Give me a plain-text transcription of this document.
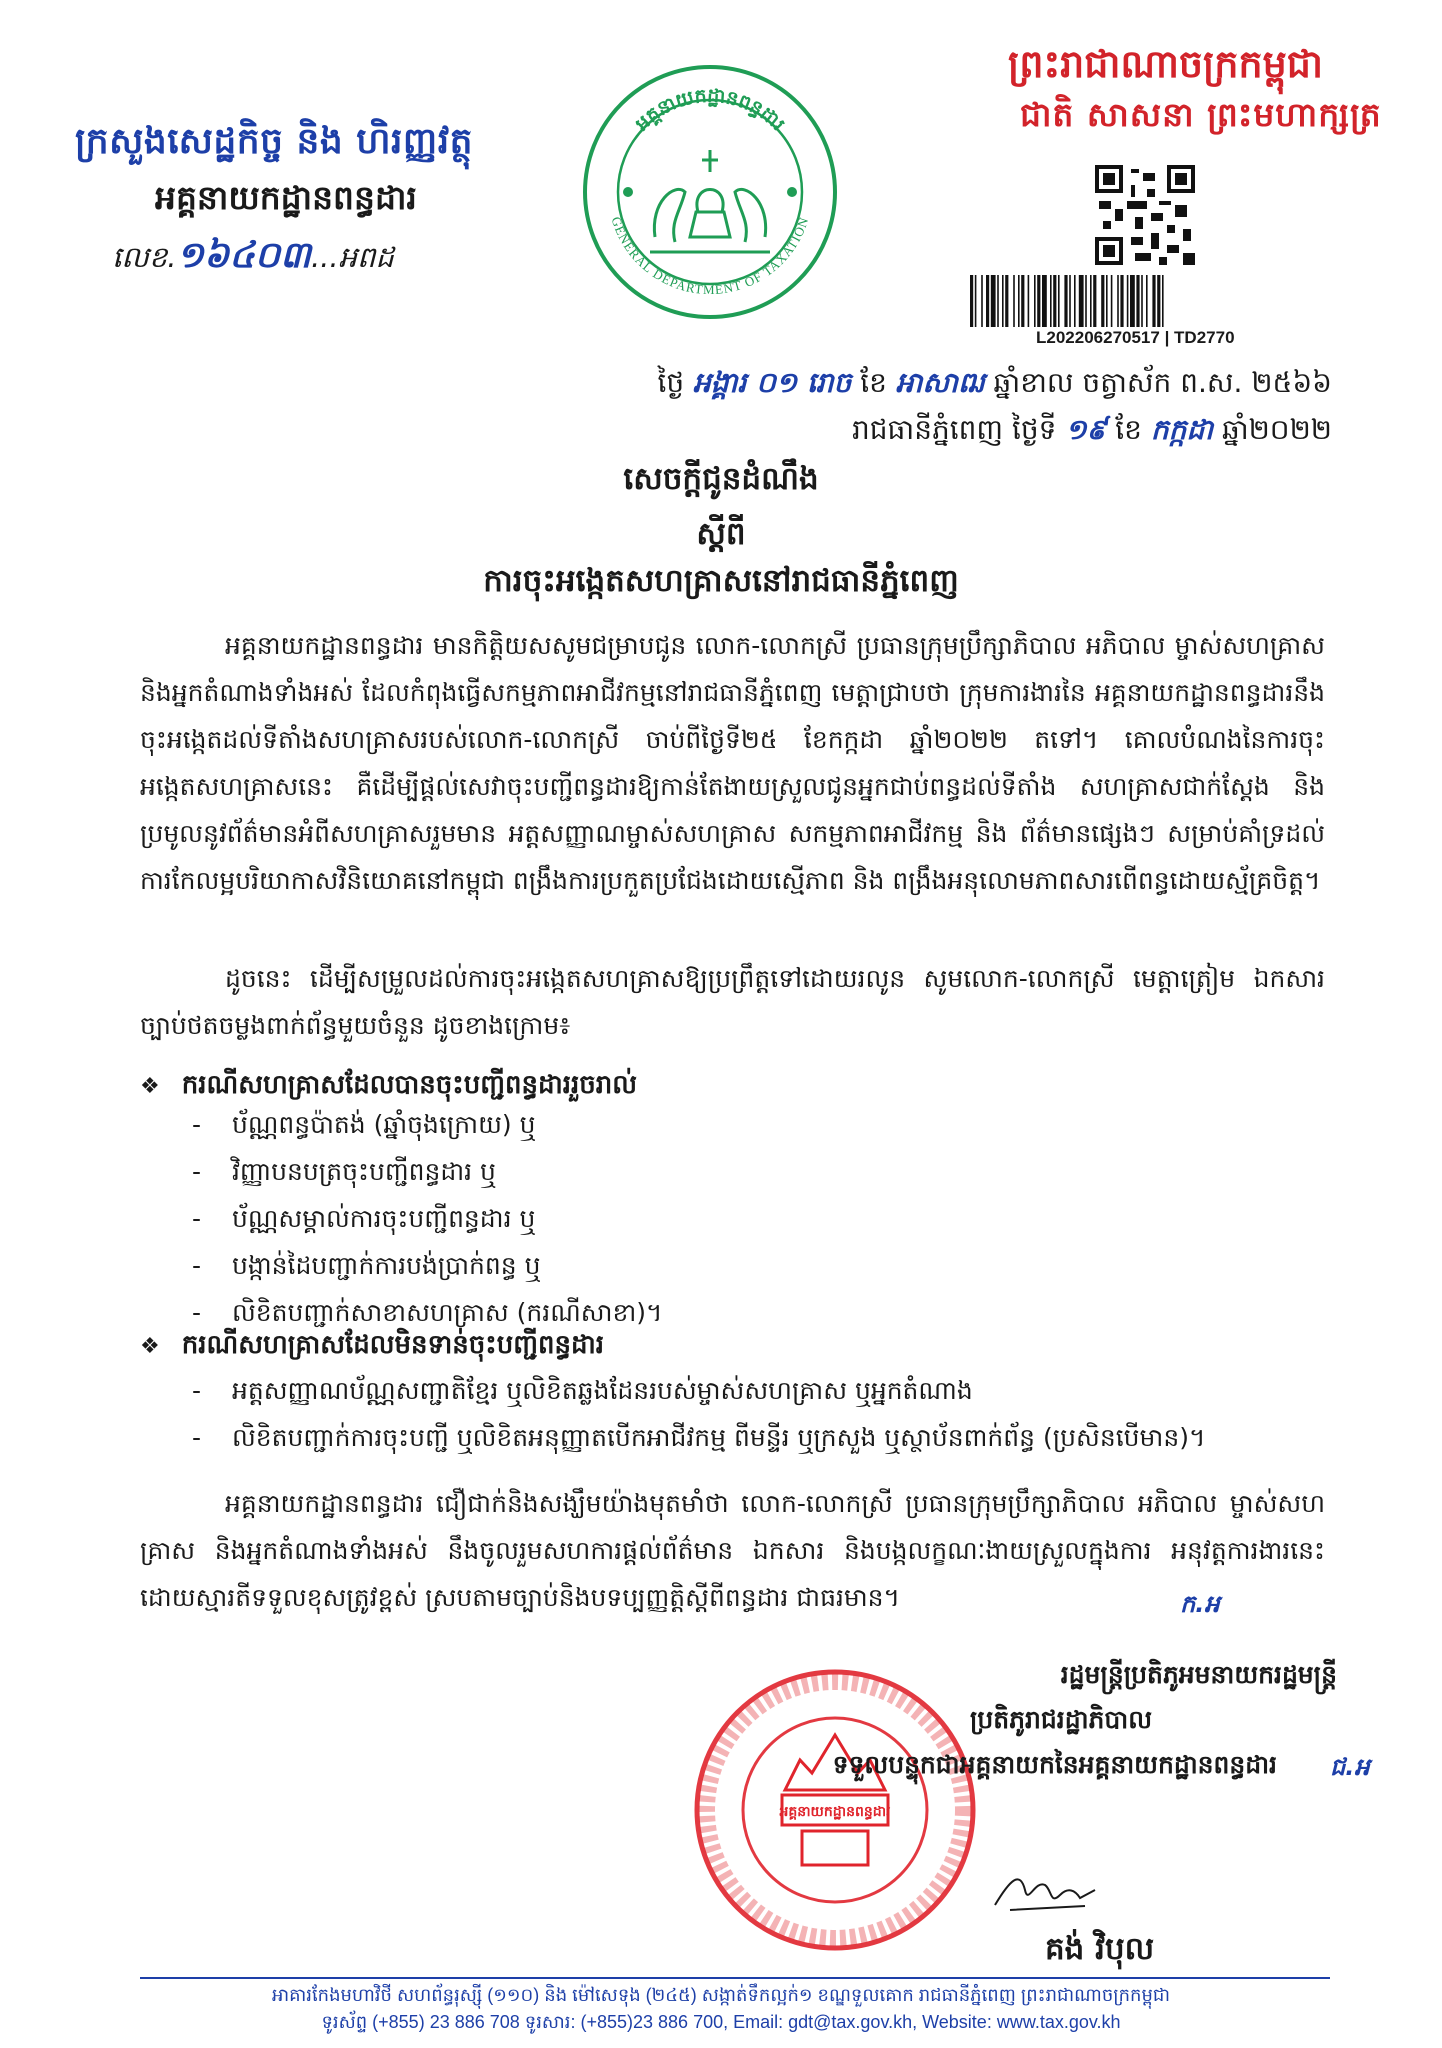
ក្រសួងសេដ្ឋកិច្ច និង ហិរញ្ញវត្ថុ
អគ្គនាយកដ្ឋានពន្ធដារ
លេខ.១៦៤០៣...អពដ
អគ្គនាយកដ្ឋានពន្ធដារ
GENERAL DEPARTMENT OF TAXATION
ព្រះរាជាណាចក្រកម្ពុជា
ជាតិ សាសនា ព្រះមហាក្សត្រ
L202206270517 | TD2770
ថ្ងៃ អង្គារ ០១ រោច ខែ អាសាឍ ឆ្នាំខាល ចត្វាស័ក ព.ស. ២៥៦៦
រាជធានីភ្នំពេញ ថ្ងៃទី ១៩ ខែ កក្កដា ឆ្នាំ២០២២
សេចក្តីជូនដំណឹង
ស្តីពី
ការចុះអង្កេតសហគ្រាសនៅរាជធានីភ្នំពេញ
អគ្គនាយកដ្ឋានពន្ធដារ មានកិត្តិយសសូមជម្រាបជូន លោក-លោកស្រី ប្រធានក្រុមប្រឹក្សាភិបាល អភិបាល ម្ចាស់សហគ្រាស និងអ្នកតំណាងទាំងអស់ ដែលកំពុងធ្វើសកម្មភាពអាជីវកម្មនៅរាជធានីភ្នំពេញ មេត្តាជ្រាបថា ក្រុមការងារនៃ អគ្គនាយកដ្ឋានពន្ធដារនឹងចុះអង្កេតដល់ទីតាំងសហគ្រាសរបស់លោក-លោកស្រី ចាប់ពីថ្ងៃទី២៥ ខែកក្កដា ឆ្នាំ២០២២ តទៅ។ គោលបំណងនៃការចុះអង្កេតសហគ្រាសនេះ គឺដើម្បីផ្តល់សេវាចុះបញ្ជីពន្ធដារឱ្យកាន់តែងាយស្រួលជូនអ្នកជាប់ពន្ធដល់ទីតាំង សហគ្រាសជាក់ស្តែង និងប្រមូលនូវព័ត៌មានអំពីសហគ្រាសរួមមាន អត្តសញ្ញាណម្ចាស់សហគ្រាស សកម្មភាពអាជីវកម្ម និង ព័ត៌មានផ្សេងៗ សម្រាប់គាំទ្រដល់ការកែលម្អបរិយាកាសវិនិយោគនៅកម្ពុជា ពង្រឹងការប្រកួតប្រជែងដោយស្មើភាព និង ពង្រឹងអនុលោមភាពសារពើពន្ធដោយស្ម័គ្រចិត្ត។
ដូចនេះ ដើម្បីសម្រួលដល់ការចុះអង្កេតសហគ្រាសឱ្យប្រព្រឹត្តទៅដោយរលូន សូមលោក-លោកស្រី មេត្តាត្រៀម ឯកសារច្បាប់ថតចម្លងពាក់ព័ន្ធមួយចំនួន ដូចខាងក្រោម៖
❖ ករណីសហគ្រាសដែលបានចុះបញ្ជីពន្ធដាររួចរាល់
- ប័ណ្ណពន្ធប៉ាតង់ (ឆ្នាំចុងក្រោយ) ឬ
- វិញ្ញាបនបត្រចុះបញ្ជីពន្ធដារ ឬ
- ប័ណ្ណសម្គាល់ការចុះបញ្ជីពន្ធដារ ឬ
- បង្កាន់ដៃបញ្ជាក់ការបង់ប្រាក់ពន្ធ ឬ
- លិខិតបញ្ជាក់សាខាសហគ្រាស (ករណីសាខា)។
❖ ករណីសហគ្រាសដែលមិនទាន់ចុះបញ្ជីពន្ធដារ
- អត្តសញ្ញាណប័ណ្ណសញ្ជាតិខ្មែរ ឬលិខិតឆ្លងដែនរបស់ម្ចាស់សហគ្រាស ឬអ្នកតំណាង
- លិខិតបញ្ជាក់ការចុះបញ្ជី ឬលិខិតអនុញ្ញាតបើកអាជីវកម្ម ពីមន្ទីរ ឬក្រសួង ឬស្ថាប័នពាក់ព័ន្ធ (ប្រសិនបើមាន)។
អគ្គនាយកដ្ឋានពន្ធដារ ជឿជាក់និងសង្ឃឹមយ៉ាងមុតមាំថា លោក-លោកស្រី ប្រធានក្រុមប្រឹក្សាភិបាល អភិបាល ម្ចាស់សហគ្រាស និងអ្នកតំណាងទាំងអស់ នឹងចូលរួមសហការផ្តល់ព័ត៌មាន ឯកសារ និងបង្កលក្ខណៈងាយស្រួលក្នុងការ អនុវត្តការងារនេះ ដោយស្មារតីទទួលខុសត្រូវខ្ពស់ ស្របតាមច្បាប់និងបទប្បញ្ញត្តិស្តីពីពន្ធដារ ជាធរមាន។	ក.អ
អគ្គនាយកដ្ឋានពន្ធដារ
រដ្ឋមន្ត្រីប្រតិភូអមនាយករដ្ឋមន្ត្រី
ប្រតិភូរាជរដ្ឋាភិបាល
ទទួលបន្ទុកជាអគ្គនាយកនៃអគ្គនាយកដ្ឋានពន្ធដារ ជ.អ
គង់ វិបុល
អាគារកែងមហាវិថី សហព័ន្ធរុស្ស៊ី (១១០) និង ម៉ៅសេទុង (២៤៥) សង្កាត់ទឹកល្អក់១ ខណ្ឌទួលគោក រាជធានីភ្នំពេញ ព្រះរាជាណាចក្រកម្ពុជា
ទូរស័ព្ទ (+855) 23 886 708 ទូរសារ: (+855)23 886 700, Email: gdt@tax.gov.kh, Website: www.tax.gov.kh
